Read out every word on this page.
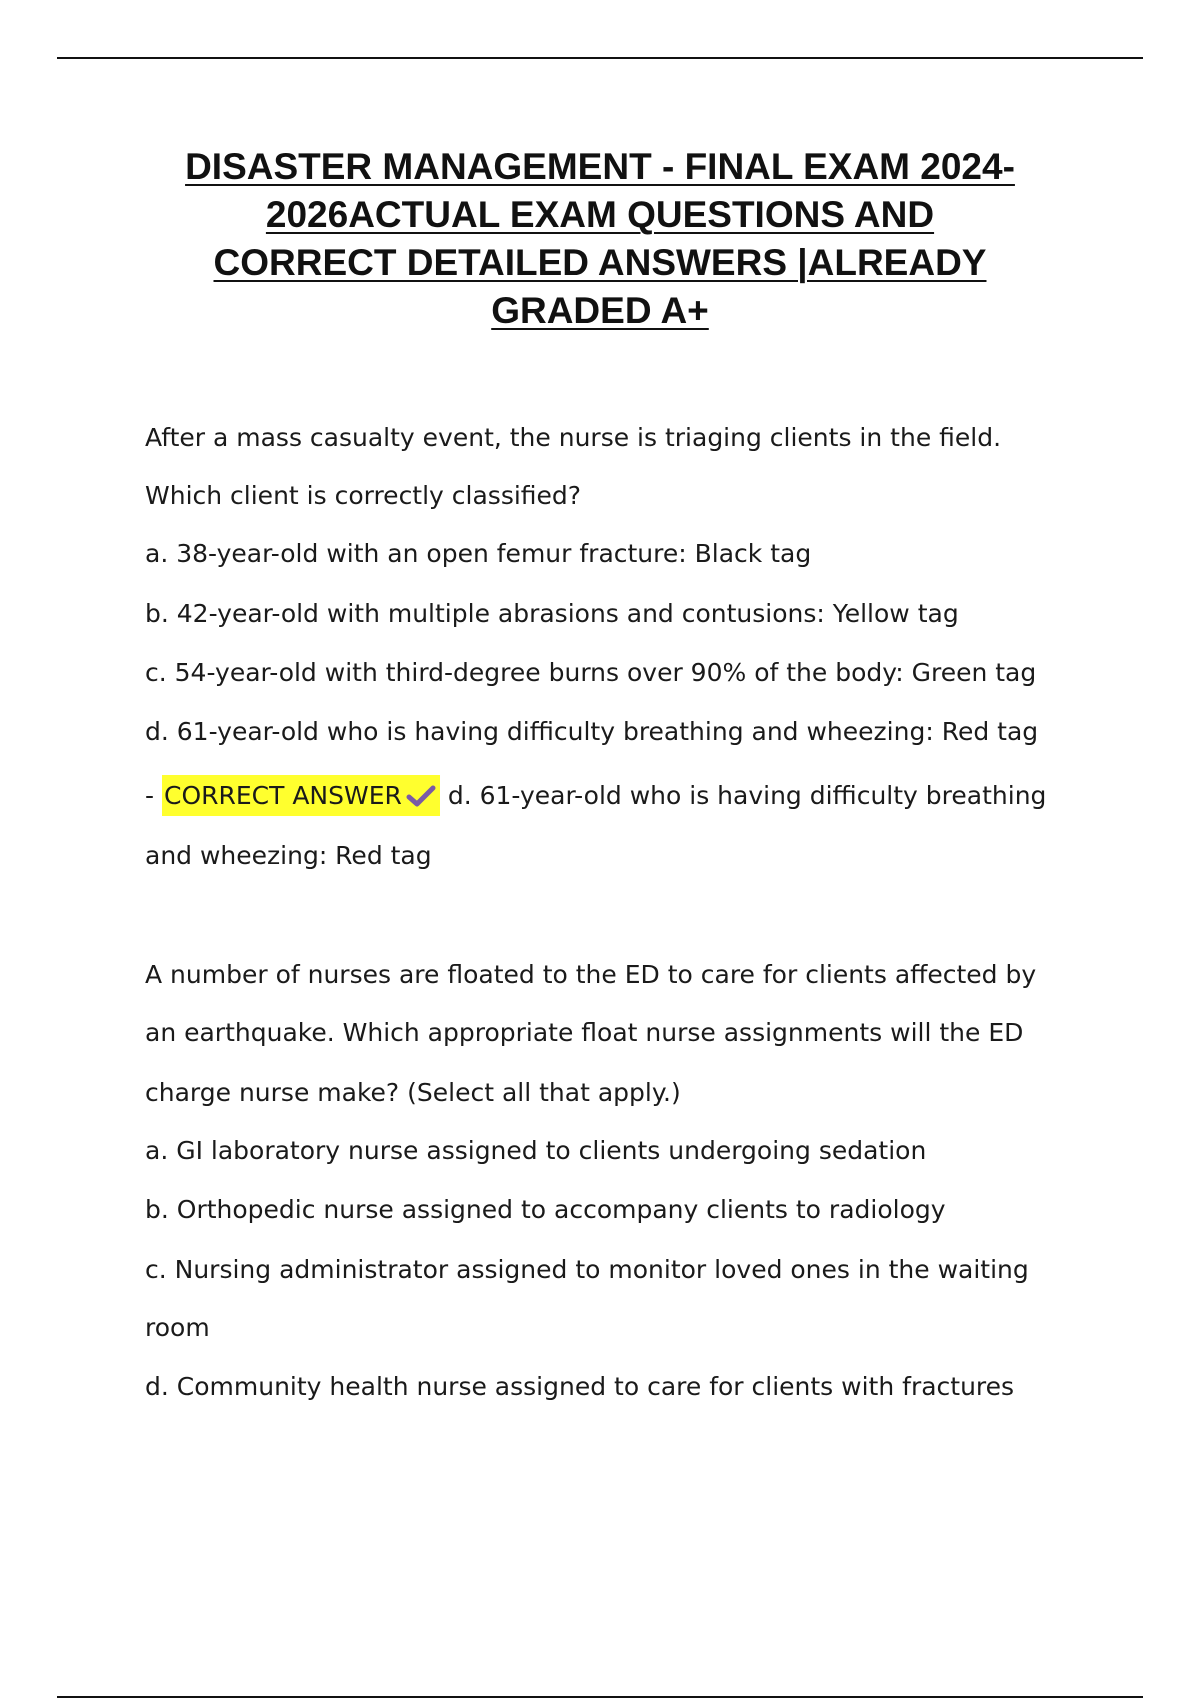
DISASTER MANAGEMENT - FINAL EXAM 2024-
2026ACTUAL EXAM QUESTIONS AND
CORRECT DETAILED ANSWERS |ALREADY
GRADED A+

After a mass casualty event, the nurse is triaging clients in the field.

Which client is correctly classified?

a. 38-year-old with an open femur fracture: Black tag

b. 42-year-old with multiple abrasions and contusions: Yellow tag

c. 54-year-old with third-degree burns over 90% of the body: Green tag

d. 61-year-old who is having difficulty breathing and wheezing: Red tag

- CORRECT ANSWER d. 61-year-old who is having difficulty breathing

and wheezing: Red tag

A number of nurses are floated to the ED to care for clients affected by

an earthquake. Which appropriate float nurse assignments will the ED

charge nurse make? (Select all that apply.)

a. GI laboratory nurse assigned to clients undergoing sedation

b. Orthopedic nurse assigned to accompany clients to radiology

c. Nursing administrator assigned to monitor loved ones in the waiting

room

d. Community health nurse assigned to care for clients with fractures
